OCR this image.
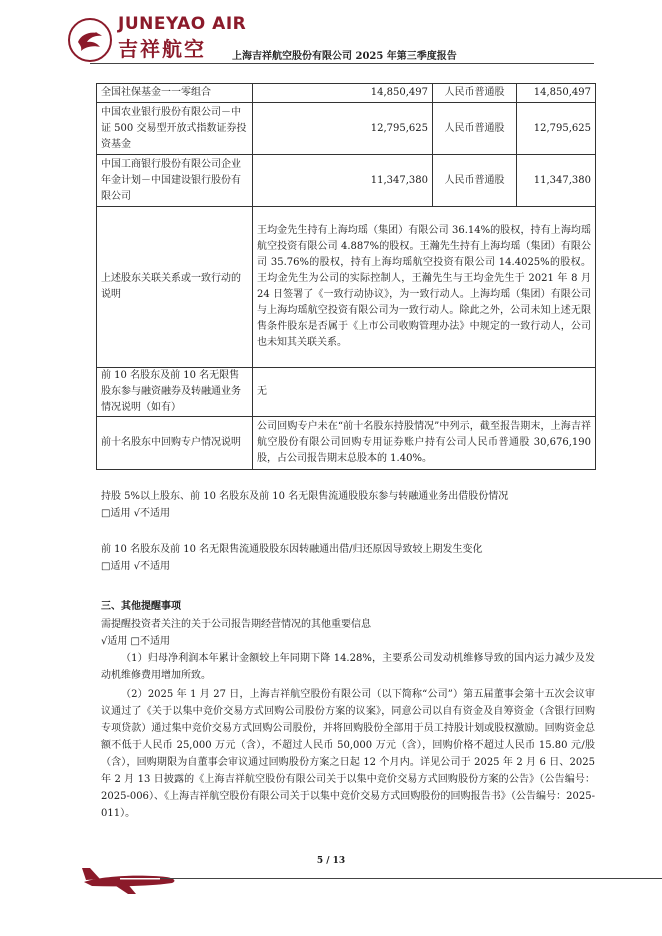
JUNEYAO AIR
吉祥航空	上海吉祥航空股份有限公司 2025 年第三季度报告
全国社保基金一一零组合	14,850,497	人民币普通股	14,850,497
中国农业银行股份有限公司－中证 500 交易型开放式指数证券投资基金	12,795,625	人民币普通股	12,795,625
中国工商银行股份有限公司企业年金计划－中国建设银行股份有限公司	11,347,380	人民币普通股	11,347,380
上述股东关联关系或一致行动的说明	王均金先生持有上海均瑶（集团）有限公司 36.14%的股权，持有上海均瑶航空投资有限公司 4.887%的股权。王瀚先生持有上海均瑶（集团）有限公司 35.76%的股权，持有上海均瑶航空投资有限公司 14.4025%的股权。王均金先生为公司的实际控制人，王瀚先生与王均金先生于 2021 年 8 月 24 日签署了《一致行动协议》，为一致行动人。上海均瑶（集团）有限公司与上海均瑶航空投资有限公司为一致行动人。除此之外，公司未知上述无限售条件股东是否属于《上市公司收购管理办法》中规定的一致行动人，公司也未知其关联关系。		
前 10 名股东及前 10 名无限售股东参与融资融券及转融通业务情况说明（如有）	无		
前十名股东中回购专户情况说明	公司回购专户未在“前十名股东持股情况”中列示，截至报告期末，上海吉祥航空股份有限公司回购专用证券账户持有公司人民币普通股 30,676,190 股，占公司报告期末总股本的 1.40%。		

持股 5%以上股东、前 10 名股东及前 10 名无限售流通股股东参与转融通业务出借股份情况

□适用 √不适用

前 10 名股东及前 10 名无限售流通股股东因转融通出借/归还原因导致较上期发生变化

□适用 √不适用

三、其他提醒事项

需提醒投资者关注的关于公司报告期经营情况的其他重要信息

√适用 □不适用

（1）归母净利润本年累计金额较上年同期下降 14.28%，主要系公司发动机维修导致的国内运力减少及发动机维修费用增加所致。

（2）2025 年 1 月 27 日，上海吉祥航空股份有限公司（以下简称“公司”）第五届董事会第十五次会议审议通过了《关于以集中竞价交易方式回购公司股份方案的议案》，同意公司以自有资金及自筹资金（含银行回购专项贷款）通过集中竞价交易方式回购公司股份，并将回购股份全部用于员工持股计划或股权激励。回购资金总额不低于人民币 25,000 万元（含），不超过人民币 50,000 万元（含），回购价格不超过人民币 15.80 元/股（含），回购期限为自董事会审议通过回购股份方案之日起 12 个月内。详见公司于 2025 年 2 月 6 日、2025 年 2 月 13 日披露的《上海吉祥航空股份有限公司关于以集中竞价交易方式回购股份方案的公告》（公告编号：2025-006）、《上海吉祥航空股份有限公司关于以集中竞价交易方式回购股份的回购报告书》（公告编号：2025-011）。

5 / 13
